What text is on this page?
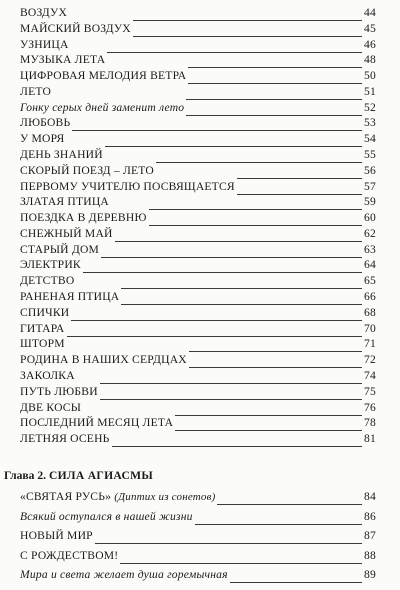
ВОЗДУХ	44
МАЙСКИЙ ВОЗДУХ	45
УЗНИЦА	46
МУЗЫКА ЛЕТА	48
ЦИФРОВАЯ МЕЛОДИЯ ВЕТРА	50
ЛЕТО	51
Гонку серых дней заменит лето	52
ЛЮБОВЬ	53
У МОРЯ	54
ДЕНЬ ЗНАНИЙ	55
СКОРЫЙ ПОЕЗД – ЛЕТО	56
ПЕРВОМУ УЧИТЕЛЮ ПОСВЯЩАЕТСЯ	57
ЗЛАТАЯ ПТИЦА	59
ПОЕЗДКА В ДЕРЕВНЮ	60
СНЕЖНЫЙ МАЙ	62
СТАРЫЙ ДОМ	63
ЭЛЕКТРИК	64
ДЕТСТВО	65
РАНЕНАЯ ПТИЦА	66
СПИЧКИ	68
ГИТАРА	70
ШТОРМ	71
РОДИНА В НАШИХ СЕРДЦАХ	72
ЗАКОЛКА	74
ПУТЬ ЛЮБВИ	75
ДВЕ КОСЫ	76
ПОСЛЕДНИЙ МЕСЯЦ ЛЕТА	78
ЛЕТНЯЯ ОСЕНЬ	81
Глава 2. СИЛА АГИАСМЫ
«СВЯТАЯ РУСЬ» (Диптих из сонетов)	84
Всякий оступался в нашей жизни	86
НОВЫЙ МИР	87
С РОЖДЕСТВОМ!	88
Мира и света желает душа горемычная	89
